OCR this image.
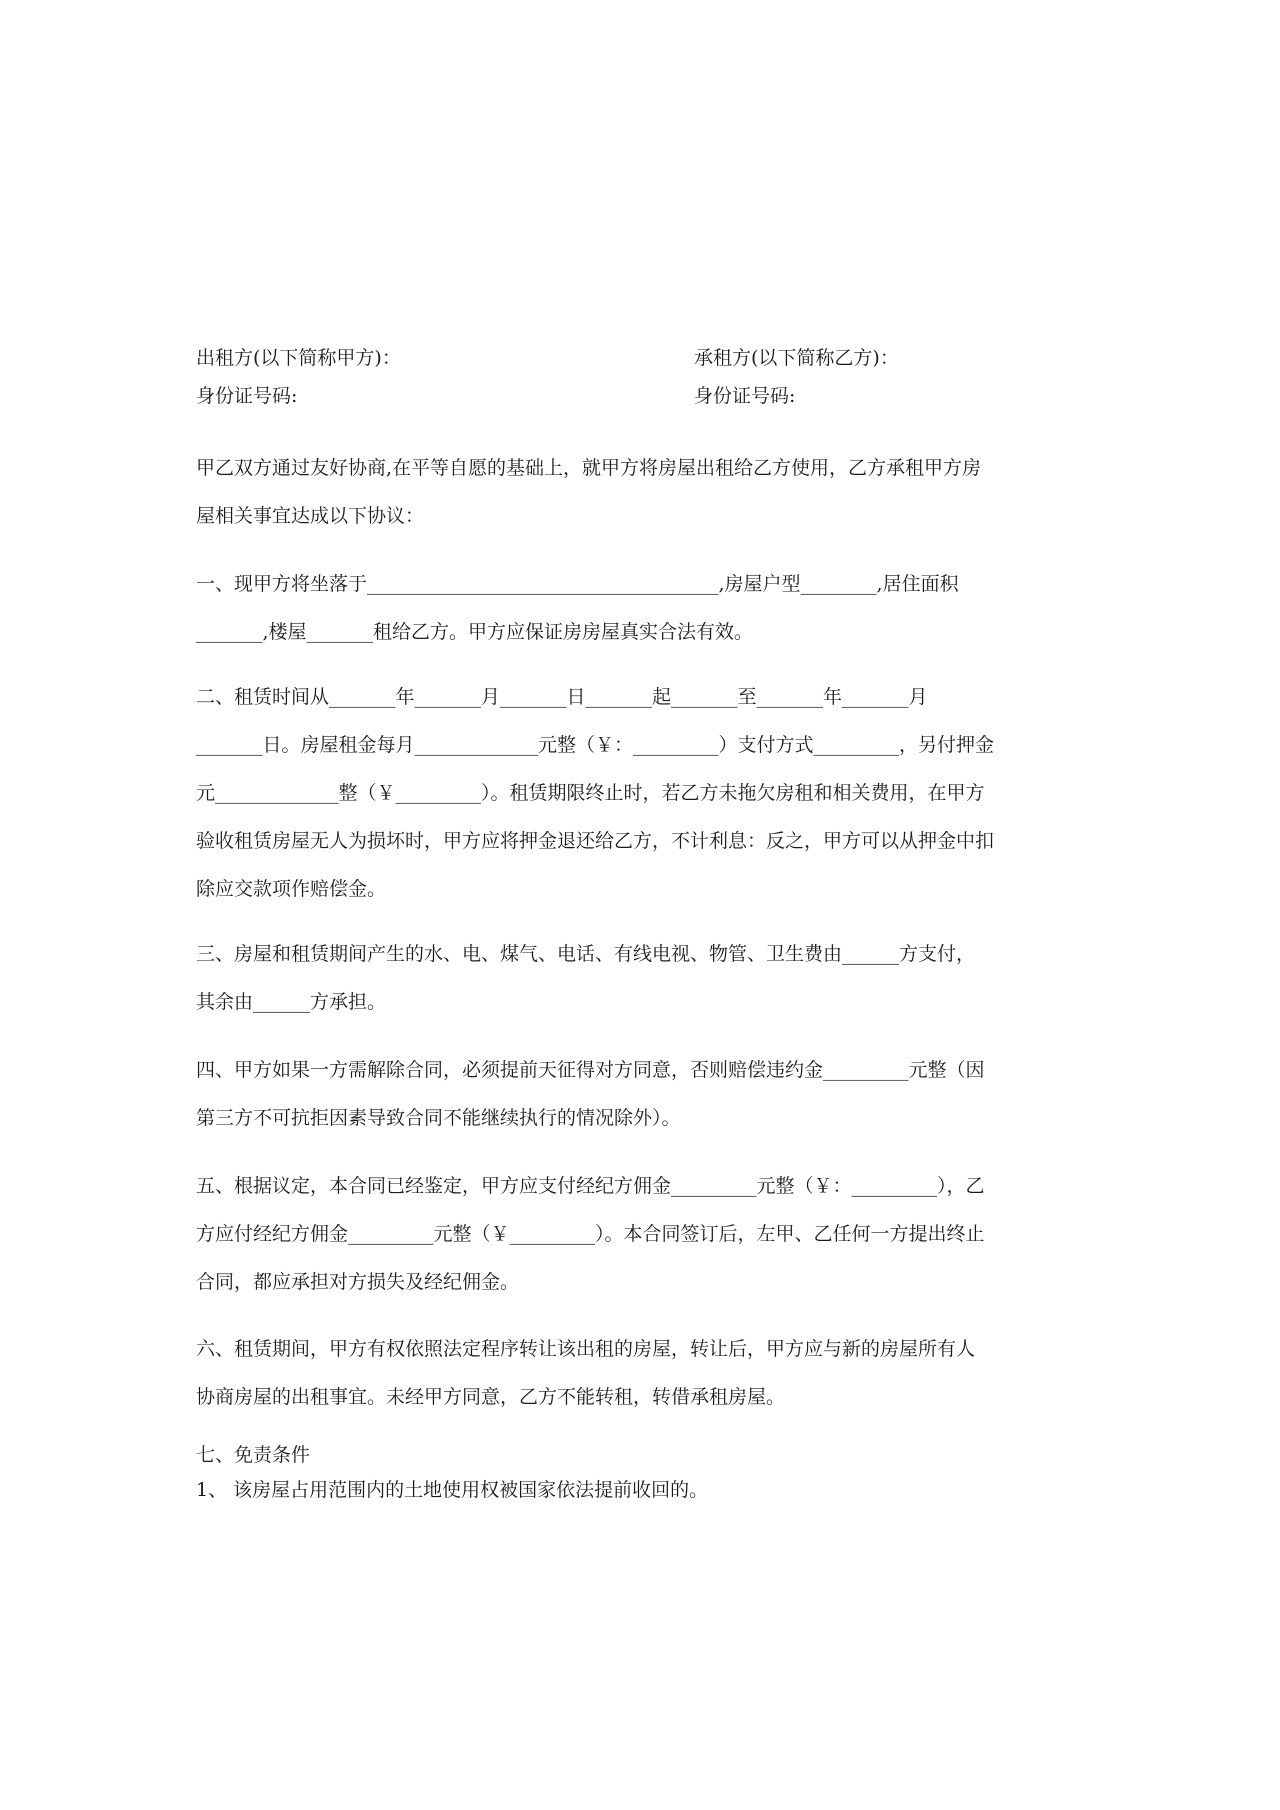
出租方(以下简称甲方)：	承租方(以下简称乙方)：
身份证号码:	身份证号码:
甲乙双方通过友好协商,在平等自愿的基础上，就甲方将房屋出租给乙方使用，乙方承租甲方房
屋相关事宜达成以下协议：
一、现甲方将坐落于_____________________________________,房屋户型________,居住面积
_______,楼屋_______租给乙方。甲方应保证房房屋真实合法有效。
二、租赁时间从_______年_______月_______日_______起_______至_______年_______月
_______日。房屋租金每月_____________元整（￥：_________）支付方式_________，另付押金
元_____________整（￥_________）。租赁期限终止时，若乙方未拖欠房租和相关费用，在甲方
验收租赁房屋无人为损坏时，甲方应将押金退还给乙方，不计利息：反之，甲方可以从押金中扣
除应交款项作赔偿金。
三、房屋和租赁期间产生的水、电、煤气、电话、有线电视、物管、卫生费由______方支付，
其余由______方承担。
四、甲方如果一方需解除合同，必须提前天征得对方同意，否则赔偿违约金_________元整（因
第三方不可抗拒因素导致合同不能继续执行的情况除外）。
五、根据议定，本合同已经鉴定，甲方应支付经纪方佣金_________元整（￥：_________），乙
方应付经纪方佣金_________元整（￥_________）。本合同签订后，左甲、乙任何一方提出终止
合同，都应承担对方损失及经纪佣金。
六、租赁期间，甲方有权依照法定程序转让该出租的房屋，转让后，甲方应与新的房屋所有人
协商房屋的出租事宜。未经甲方同意，乙方不能转租，转借承租房屋。
七、免责条件
1、 该房屋占用范围内的土地使用权被国家依法提前收回的。
